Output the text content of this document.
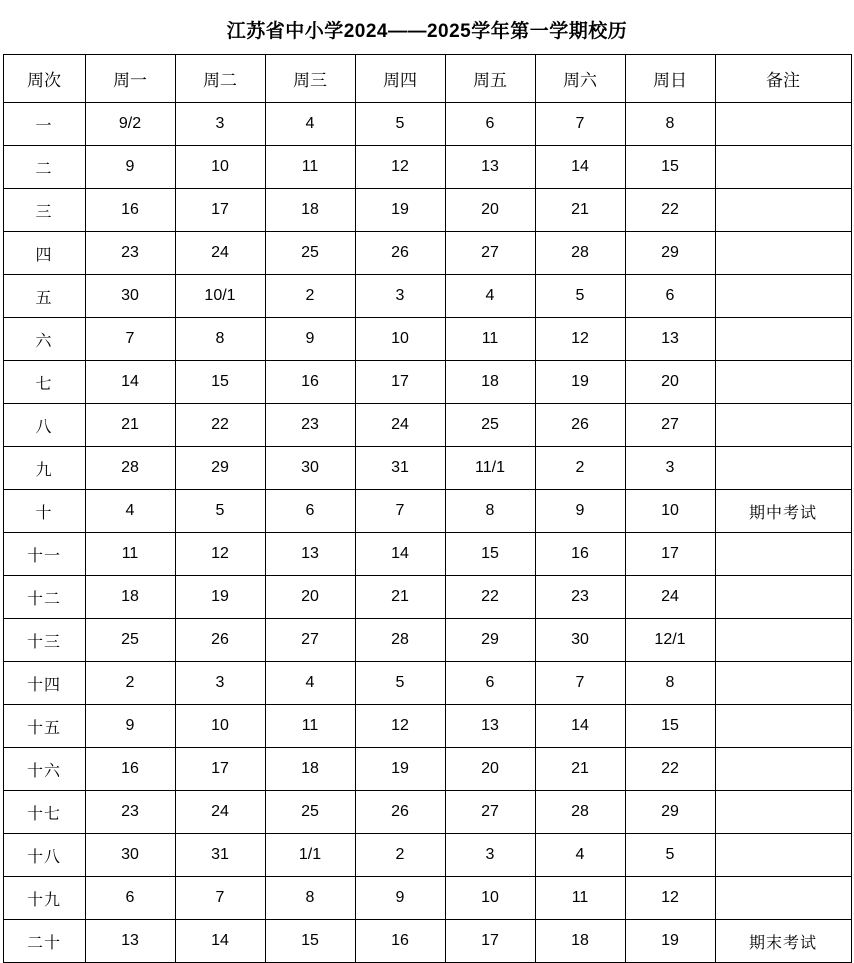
江苏省中小学2024——2025学年第一学期校历
周次	周一	周二	周三	周四	周五	周六	周日	备注
一	9/2	3	4	5	6	7	8	
二	9	10	11	12	13	14	15	
三	16	17	18	19	20	21	22	
四	23	24	25	26	27	28	29	
五	30	10/1	2	3	4	5	6	
六	7	8	9	10	11	12	13	
七	14	15	16	17	18	19	20	
八	21	22	23	24	25	26	27	
九	28	29	30	31	11/1	2	3	
十	4	5	6	7	8	9	10	期中考试
十一	11	12	13	14	15	16	17	
十二	18	19	20	21	22	23	24	
十三	25	26	27	28	29	30	12/1	
十四	2	3	4	5	6	7	8	
十五	9	10	11	12	13	14	15	
十六	16	17	18	19	20	21	22	
十七	23	24	25	26	27	28	29	
十八	30	31	1/1	2	3	4	5	
十九	6	7	8	9	10	11	12	
二十	13	14	15	16	17	18	19	期末考试
